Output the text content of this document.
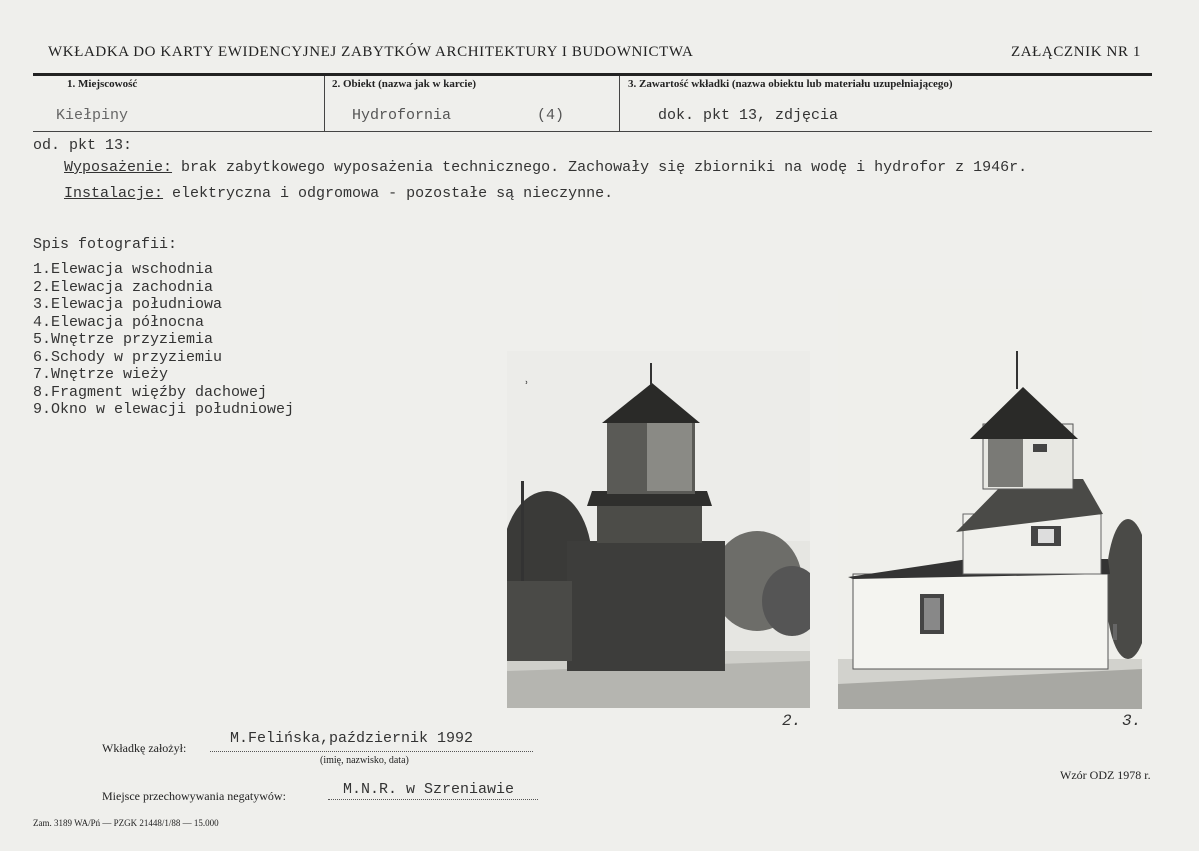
WKŁADKA DO KARTY EWIDENCYJNEJ ZABYTKÓW ARCHITEKTURY I BUDOWNICTWA	ZAŁĄCZNIK NR 1
1. Miejscowość	2. Obiekt (nazwa jak w karcie)	3. Zawartość wkładki (nazwa obiektu lub materiału uzupełniającego)
Kiełpiny	Hydrofornia	(4)	dok. pkt 13, zdjęcia
od. pkt 13:
Wyposażenie: brak zabytkowego wyposażenia technicznego. Zachowały się zbiorniki na wodę i hydrofor z 1946r.
Instalacje: elektryczna i odgromowa - pozostałe są nieczynne.
Spis fotografii:
1.Elewacja wschodnia
2.Elewacja zachodnia
3.Elewacja południowa
4.Elewacja północna
5.Wnętrze przyziemia
6.Schody w przyziemiu
7.Wnętrze wieży
8.Fragment więźby dachowej
9.Okno w elewacji południowej
᠈
2.	3.
Wkładkę założył:
M.Felińska,październik 1992
(imię, nazwisko, data)
Miejsce przechowywania negatywów:	M.N.R. w Szreniawie
Wzór ODZ 1978 r.
Zam. 3189 WA/Pń — PZGK 21448/1/88 — 15.000
